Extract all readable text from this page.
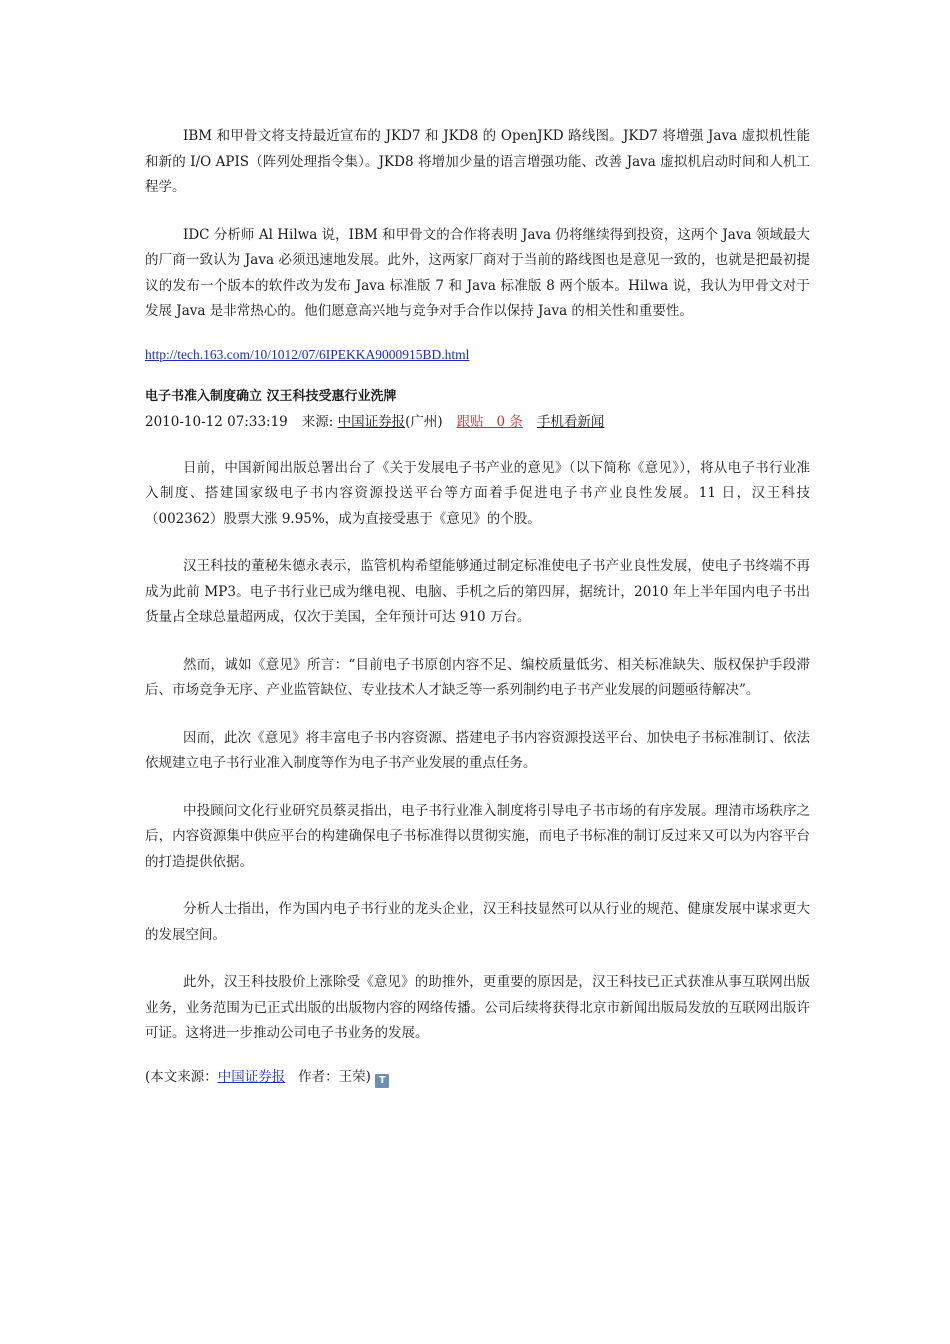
IBM 和甲骨文将支持最近宣布的 JKD7 和 JKD8 的 OpenJKD 路线图。JKD7 将增强 Java 虚拟机性能和新的 I/O APIS（阵列处理指令集）。JKD8 将增加少量的语言增强功能、改善 Java 虚拟机启动时间和人机工程学。

IDC 分析师 Al Hilwa 说，IBM 和甲骨文的合作将表明 Java 仍将继续得到投资，这两个 Java 领域最大的厂商一致认为 Java 必须迅速地发展。此外，这两家厂商对于当前的路线图也是意见一致的，也就是把最初提议的发布一个版本的软件改为发布 Java 标准版 7 和 Java 标准版 8 两个版本。Hilwa 说，我认为甲骨文对于发展 Java 是非常热心的。他们愿意高兴地与竞争对手合作以保持 Java 的相关性和重要性。

http://tech.163.com/10/1012/07/6IPEKKA9000915BD.html
电子书准入制度确立 汉王科技受惠行业洗牌
2010-10-12 07:33:19 来源: 中国证券报(广州) 跟贴 0 条 手机看新闻

日前，中国新闻出版总署出台了《关于发展电子书产业的意见》（以下简称《意见》），将从电子书行业准入制度、搭建国家级电子书内容资源投送平台等方面着手促进电子书产业良性发展。11 日，汉王科技（002362）股票大涨 9.95%，成为直接受惠于《意见》的个股。

汉王科技的董秘朱德永表示，监管机构希望能够通过制定标准使电子书产业良性发展，使电子书终端不再成为此前 MP3。电子书行业已成为继电视、电脑、手机之后的第四屏，据统计，2010 年上半年国内电子书出货量占全球总量超两成，仅次于美国，全年预计可达 910 万台。

然而，诚如《意见》所言：“目前电子书原创内容不足、编校质量低劣、相关标准缺失、版权保护手段滞后、市场竞争无序、产业监管缺位、专业技术人才缺乏等一系列制约电子书产业发展的问题亟待解决”。

因而，此次《意见》将丰富电子书内容资源、搭建电子书内容资源投送平台、加快电子书标准制订、依法依规建立电子书行业准入制度等作为电子书产业发展的重点任务。

中投顾问文化行业研究员蔡灵指出，电子书行业准入制度将引导电子书市场的有序发展。理清市场秩序之后，内容资源集中供应平台的构建确保电子书标准得以贯彻实施，而电子书标准的制订反过来又可以为内容平台的打造提供依据。

分析人士指出，作为国内电子书行业的龙头企业，汉王科技显然可以从行业的规范、健康发展中谋求更大的发展空间。

此外，汉王科技股价上涨除受《意见》的助推外，更重要的原因是，汉王科技已正式获准从事互联网出版业务，业务范围为已正式出版的出版物内容的网络传播。公司后续将获得北京市新闻出版局发放的互联网出版许可证。这将进一步推动公司电子书业务的发展。

(本文来源：中国证券报 作者：王荣) T
